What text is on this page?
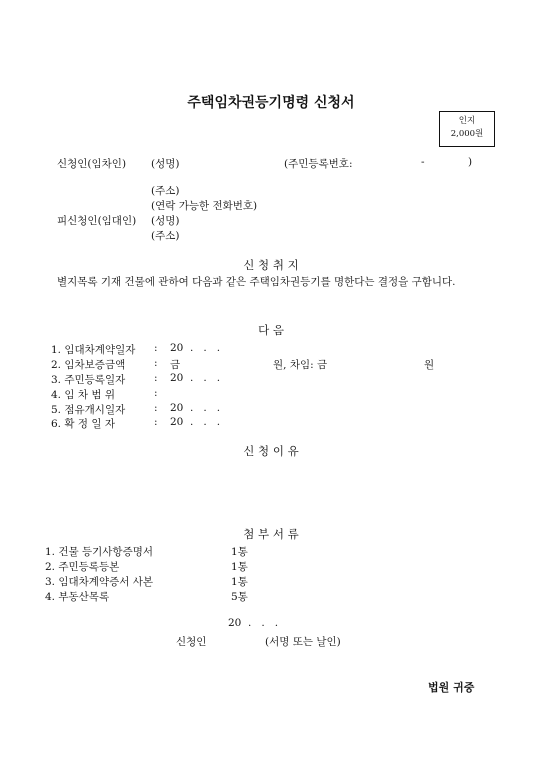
주택임차권등기명령 신청서
인지
2,000원
신청인(임차인) (성명)	(주민등록번호:	-	)
(주소)
(연락 가능한 전화번호)
피신청인(임대인) (성명)
(주소)
신 청 취 지
별지목록 기재 건물에 관하여 다음과 같은 주택임차권등기를 명한다는 결정을 구함니다.
다 음
1. 임대차계약일자 : 20  .   .   .
2. 임차보증금액	: 금	원, 차임: 금	원
3. 주민등록일자	: 20  .   .   .
4. 임 차 범 위	:
5. 점유개시일자	: 20  .   .   .
6. 확 정 일 자	: 20  .   .   .
신 청 이 유
첨 부 서 류
1. 건물 등기사항증명서	1통
2. 주민등록등본	1통
3. 임대차계약증서 사본	1통
4. 부동산목록	5통
20  .   .   .
신청인	(서명 또는 날인)
법원 귀중
